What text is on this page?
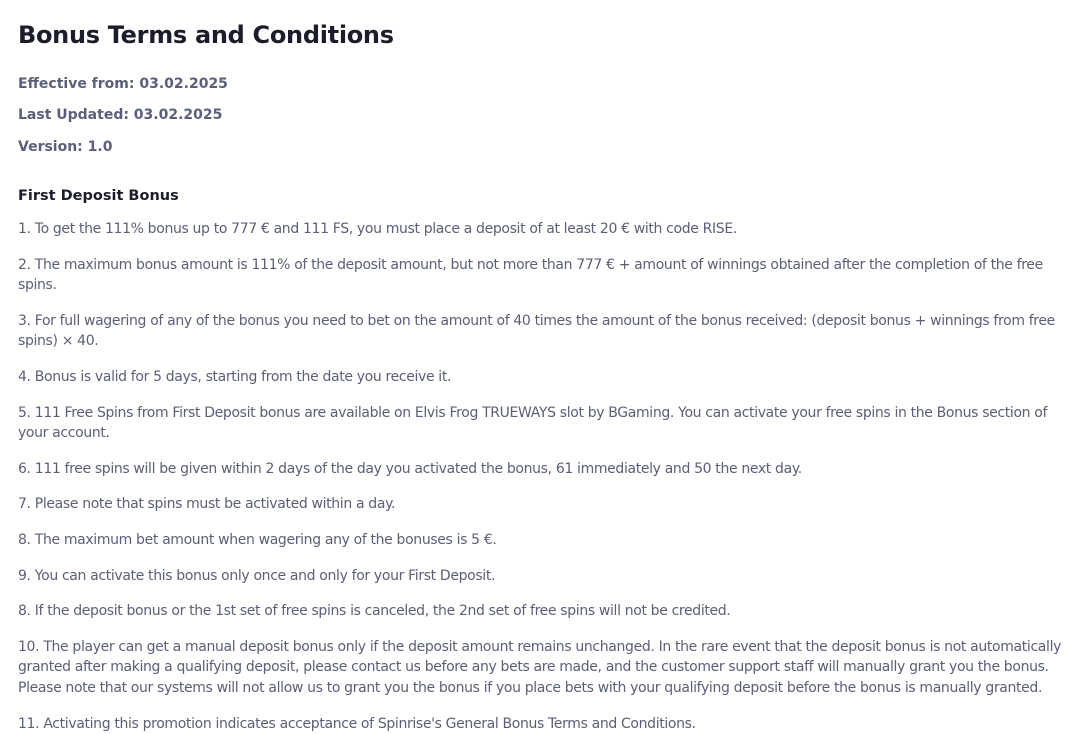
Bonus Terms and Conditions

Effective from: 03.02.2025

Last Updated: 03.02.2025

Version: 1.0

First Deposit Bonus
1. To get the 111% bonus up to 777 € and 111 FS, you must place a deposit of at least 20 € with code RISE.
2. The maximum bonus amount is 111% of the deposit amount, but not more than 777 € + amount of winnings obtained after the completion of the free spins.
3. For full wagering of any of the bonus you need to bet on the amount of 40 times the amount of the bonus received: (deposit bonus + winnings from free spins) × 40.
4. Bonus is valid for 5 days, starting from the date you receive it.
5. 111 Free Spins from First Deposit bonus are available on Elvis Frog TRUEWAYS slot by BGaming. You can activate your free spins in the Bonus section of your account.
6. 111 free spins will be given within 2 days of the day you activated the bonus, 61 immediately and 50 the next day.
7. Please note that spins must be activated within a day.
8. The maximum bet amount when wagering any of the bonuses is 5 €.
9. You can activate this bonus only once and only for your First Deposit.
8. If the deposit bonus or the 1st set of free spins is canceled, the 2nd set of free spins will not be credited.
10. The player can get a manual deposit bonus only if the deposit amount remains unchanged. In the rare event that the deposit bonus is not automatically granted after making a qualifying deposit, please contact us before any bets are made, and the customer support staff will manually grant you the bonus. Please note that our systems will not allow us to grant you the bonus if you place bets with your qualifying deposit before the bonus is manually granted.
11. Activating this promotion indicates acceptance of Spinrise's General Bonus Terms and Conditions.
